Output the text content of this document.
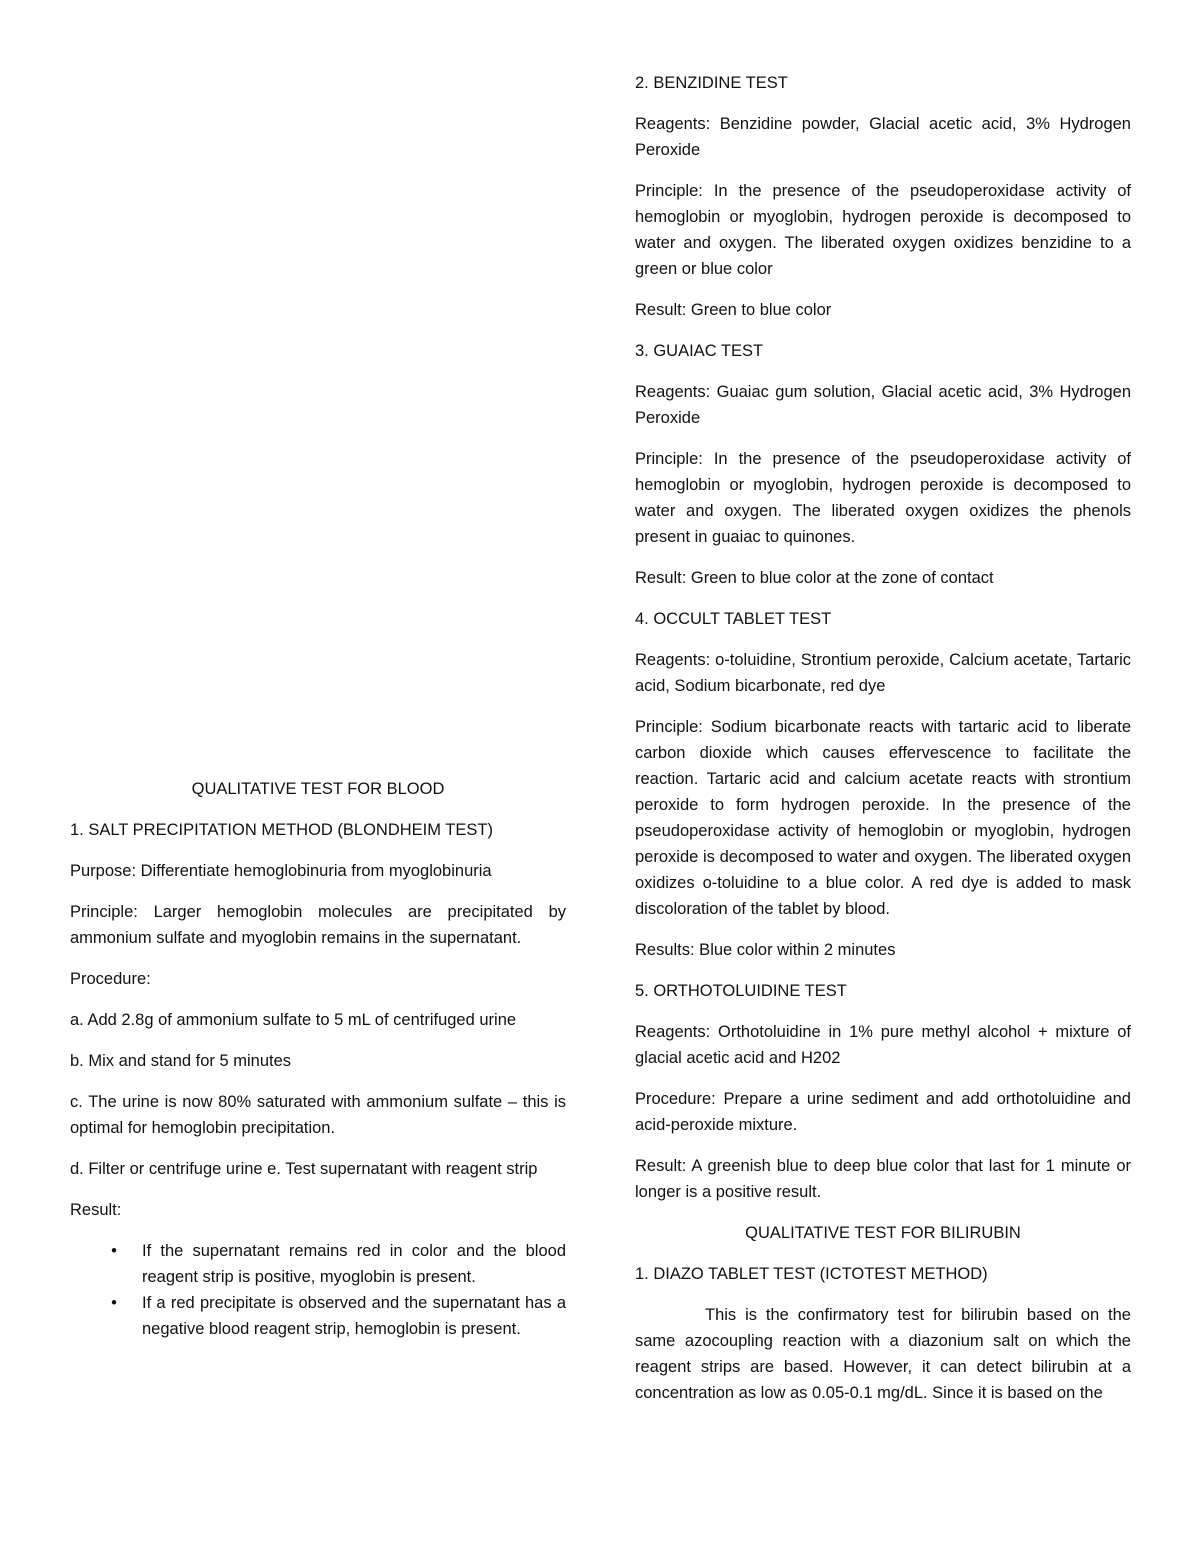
QUALITATIVE TEST FOR BLOOD

1. SALT PRECIPITATION METHOD (BLONDHEIM TEST)

Purpose: Differentiate hemoglobinuria from myoglobinuria

Principle: Larger hemoglobin molecules are precipitated by ammonium sulfate and myoglobin remains in the supernatant.

Procedure:

a. Add 2.8g of ammonium sulfate to 5 mL of centrifuged urine

b. Mix and stand for 5 minutes

c. The urine is now 80% saturated with ammonium sulfate – this is optimal for hemoglobin precipitation.

d. Filter or centrifuge urine e. Test supernatant with reagent strip

Result:

•	If the supernatant remains red in color and the blood reagent strip is positive, myoglobin is present.
•	If a red precipitate is observed and the supernatant has a negative blood reagent strip, hemoglobin is present.

2. BENZIDINE TEST

Reagents: Benzidine powder, Glacial acetic acid, 3% Hydrogen Peroxide

Principle: In the presence of the pseudoperoxidase activity of hemoglobin or myoglobin, hydrogen peroxide is decomposed to water and oxygen. The liberated oxygen oxidizes benzidine to a green or blue color

Result: Green to blue color

3. GUAIAC TEST

Reagents: Guaiac gum solution, Glacial acetic acid, 3% Hydrogen Peroxide

Principle: In the presence of the pseudoperoxidase activity of hemoglobin or myoglobin, hydrogen peroxide is decomposed to water and oxygen. The liberated oxygen oxidizes the phenols present in guaiac to quinones.

Result: Green to blue color at the zone of contact

4. OCCULT TABLET TEST

Reagents: o-toluidine, Strontium peroxide, Calcium acetate, Tartaric acid, Sodium bicarbonate, red dye

Principle: Sodium bicarbonate reacts with tartaric acid to liberate carbon dioxide which causes effervescence to facilitate the reaction. Tartaric acid and calcium acetate reacts with strontium peroxide to form hydrogen peroxide. In the presence of the pseudoperoxidase activity of hemoglobin or myoglobin, hydrogen peroxide is decomposed to water and oxygen. The liberated oxygen oxidizes o-toluidine to a blue color. A red dye is added to mask discoloration of the tablet by blood.

Results: Blue color within 2 minutes

5. ORTHOTOLUIDINE TEST

Reagents: Orthotoluidine in 1% pure methyl alcohol + mixture of glacial acetic acid and H202

Procedure: Prepare a urine sediment and add orthotoluidine and acid-peroxide mixture.

Result: A greenish blue to deep blue color that last for 1 minute or longer is a positive result.

QUALITATIVE TEST FOR BILIRUBIN

1. DIAZO TABLET TEST (ICTOTEST METHOD)

This is the confirmatory test for bilirubin based on the same azocoupling reaction with a diazonium salt on which the reagent strips are based. However, it can detect bilirubin at a concentration as low as 0.05-0.1 mg/dL. Since it is based on the
